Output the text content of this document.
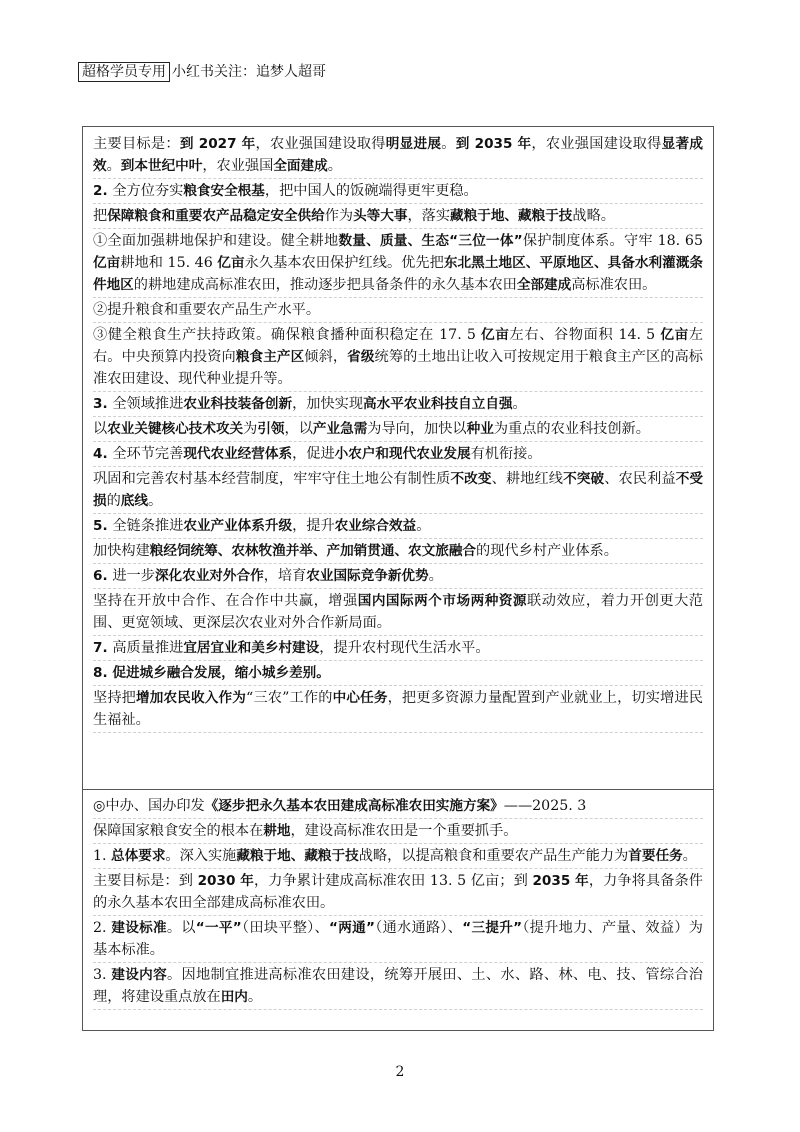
超格学员专用 小红书关注：追梦人超哥

主要目标是：到 2027 年，农业强国建设取得明显进展。到 2035 年，农业强国建设取得显著成效。到本世纪中叶，农业强国全面建成。

2. 全方位夯实粮食安全根基，把中国人的饭碗端得更牢更稳。

把保障粮食和重要农产品稳定安全供给作为头等大事，落实藏粮于地、藏粮于技战略。

①全面加强耕地保护和建设。健全耕地数量、质量、生态“三位一体”保护制度体系。守牢 18. 65 亿亩耕地和 15. 46 亿亩永久基本农田保护红线。优先把东北黑土地区、平原地区、具备水利灌溉条件地区的耕地建成高标准农田，推动逐步把具备条件的永久基本农田全部建成高标准农田。

②提升粮食和重要农产品生产水平。

③健全粮食生产扶持政策。确保粮食播种面积稳定在 17. 5 亿亩左右、谷物面积 14. 5 亿亩左右。中央预算内投资向粮食主产区倾斜，省级统筹的土地出让收入可按规定用于粮食主产区的高标准农田建设、现代种业提升等。

3. 全领域推进农业科技装备创新，加快实现高水平农业科技自立自强。

以农业关键核心技术攻关为引领，以产业急需为导向，加快以种业为重点的农业科技创新。

4. 全环节完善现代农业经营体系，促进小农户和现代农业发展有机衔接。

巩固和完善农村基本经营制度，牢牢守住土地公有制性质不改变、耕地红线不突破、农民利益不受损的底线。

5. 全链条推进农业产业体系升级，提升农业综合效益。

加快构建粮经饲统筹、农林牧渔并举、产加销贯通、农文旅融合的现代乡村产业体系。

6. 进一步深化农业对外合作，培育农业国际竞争新优势。

坚持在开放中合作、在合作中共赢，增强国内国际两个市场两种资源联动效应，着力开创更大范围、更宽领域、更深层次农业对外合作新局面。

7. 高质量推进宜居宜业和美乡村建设，提升农村现代生活水平。

8. 促进城乡融合发展，缩小城乡差别。

坚持把增加农民收入作为“三农”工作的中心任务，把更多资源力量配置到产业就业上，切实增进民生福祉。

◎中办、国办印发《逐步把永久基本农田建成高标准农田实施方案》——2025. 3

保障国家粮食安全的根本在耕地，建设高标准农田是一个重要抓手。

1. 总体要求。深入实施藏粮于地、藏粮于技战略，以提高粮食和重要农产品生产能力为首要任务。

主要目标是：到 2030 年，力争累计建成高标准农田 13. 5 亿亩；到 2035 年，力争将具备条件的永久基本农田全部建成高标准农田。

2. 建设标准。以“一平”（田块平整）、“两通”（通水通路）、“三提升”（提升地力、产量、效益）为基本标准。

3. 建设内容。因地制宜推进高标准农田建设，统筹开展田、土、水、路、林、电、技、管综合治理，将建设重点放在田内。

2
